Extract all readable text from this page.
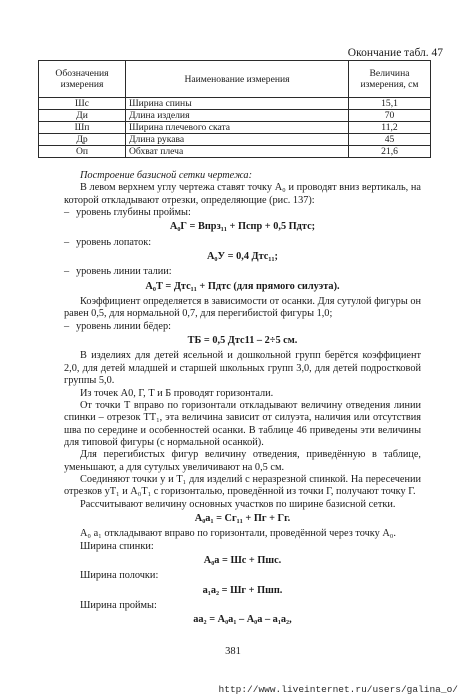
Окончание табл. 47
Обозначения измерения	Наименование измерения	Величина измерения, см
Шс	Ширина спины	15,1
Ди	Длина изделия	70
Шп	Ширина плечевого ската	11,2
Др	Длина рукава	45
Оп	Обхват плеча	21,6

Построение базисной сетки чертежа:

В левом верхнем углу чертежа ставят точку А₀ и проводят вниз вертикаль, на которой откладывают отрезки, определяющие (рис. 137):

– уровень глубины проймы:

А₀Г = Впрз₁₁ + Пспр + 0,5 Пдтс;

– уровень лопаток:

А₀У = 0,4 Дтс₁₁;

– уровень линии талии:

А₀Т = Дтс₁₁ + Пдтс (для прямого силуэта).

Коэффициент определяется в зависимости от осанки. Для сутулой фигуры он равен 0,5, для нормальной 0,7, для перегибистой фигуры 1,0;

– уровень линии бёдер:

ТБ = 0,5 Дтс11 – 2÷5 см.

В изделиях для детей ясельной и дошкольной групп берётся коэффициент 2,0, для детей младшей и старшей школьных групп 3,0, для детей подростковой группы 5,0.

Из точек А0, Г, Т и Б проводят горизонтали.

От точки Т вправо по горизонтали откладывают величину отведения линии спинки – отрезок ТТ₁, эта величина зависит от силуэта, наличия или отсутствия шва по середине и особенностей осанки. В таблице 46 приведены эти величины для типовой фигуры (с нормальной осанкой).

Для перегибистых фигур величину отведения, приведённую в таблице, уменьшают, а для сутулых увеличивают на 0,5 см.

Соединяют точки у и Т₁ для изделий с неразрезной спинкой. На пересечении отрезков уТ₁ и А₀Т₁ с горизонталью, проведённой из точки Г, получают точку Г.

Рассчитывают величину основных участков по ширине базисной сетки.

А₀а₁ = Сг₁₁ + Пг + Гг.

А₀ а₁ откладывают вправо по горизонтали, проведённой через точку А₀.

Ширина спинки:

А₀а = Шс + Пшс.

Ширина полочки:

а₁а₂ = Шг + Пшп.

Ширина проймы:

аа₂ = А₀а₁ – А₀а – а₁а₂,

381
http://www.liveinternet.ru/users/galina_o/
